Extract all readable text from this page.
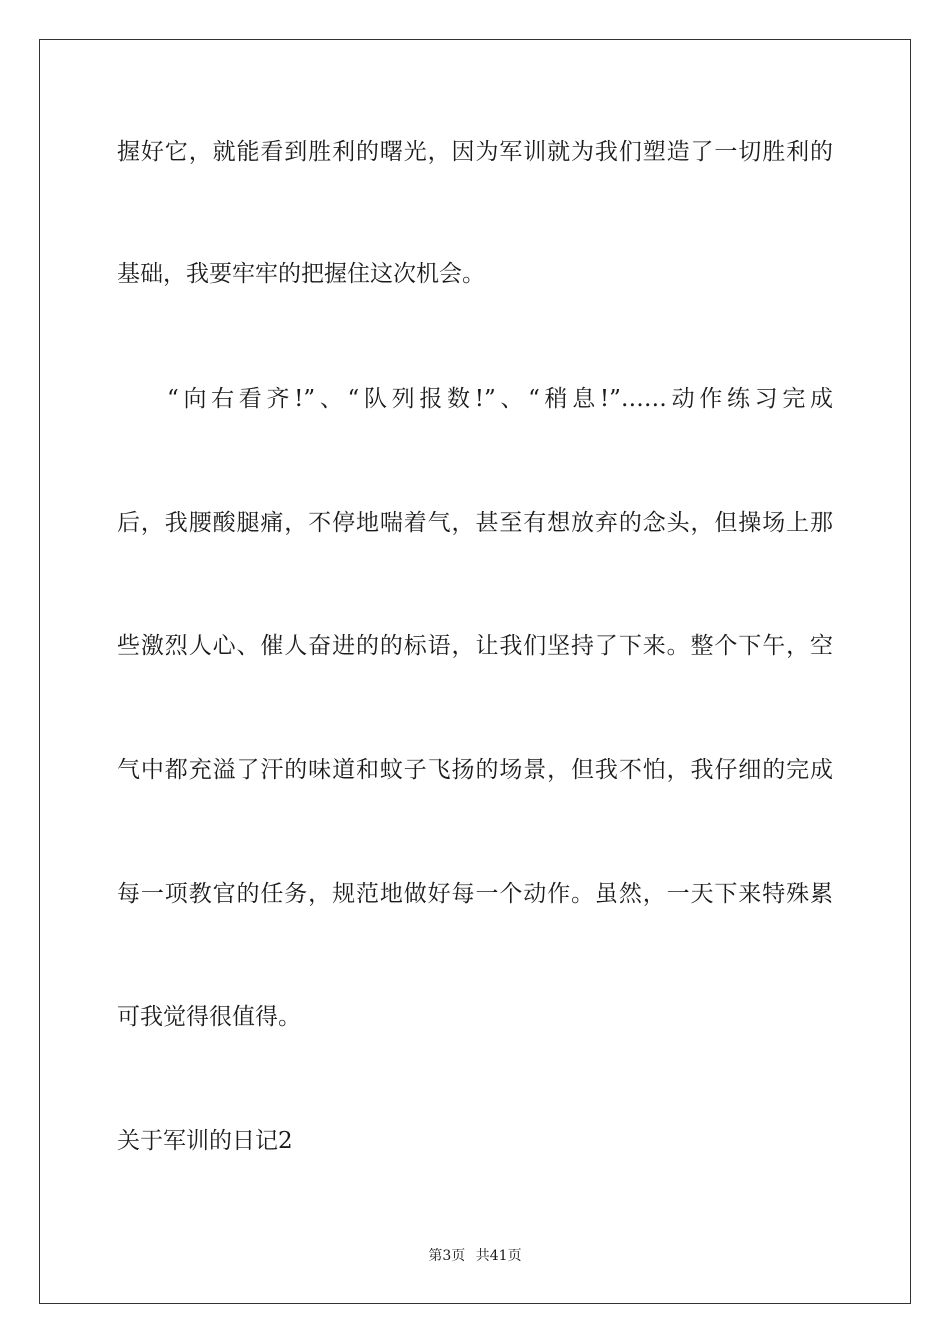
握好它，就能看到胜利的曙光，因为军训就为我们塑造了一切胜利的
基础，我要牢牢的把握住这次机会。
“向右看齐!”、“队列报数!”、“稍息!”……动作练习完成
后，我腰酸腿痛，不停地喘着气，甚至有想放弃的念头，但操场上那
些激烈人心、催人奋进的的标语，让我们坚持了下来。整个下午，空
气中都充溢了汗的味道和蚊子飞扬的场景，但我不怕，我仔细的完成
每一项教官的任务，规范地做好每一个动作。虽然，一天下来特殊累
可我觉得很值得。
关于军训的日记2
第3页 共41页
